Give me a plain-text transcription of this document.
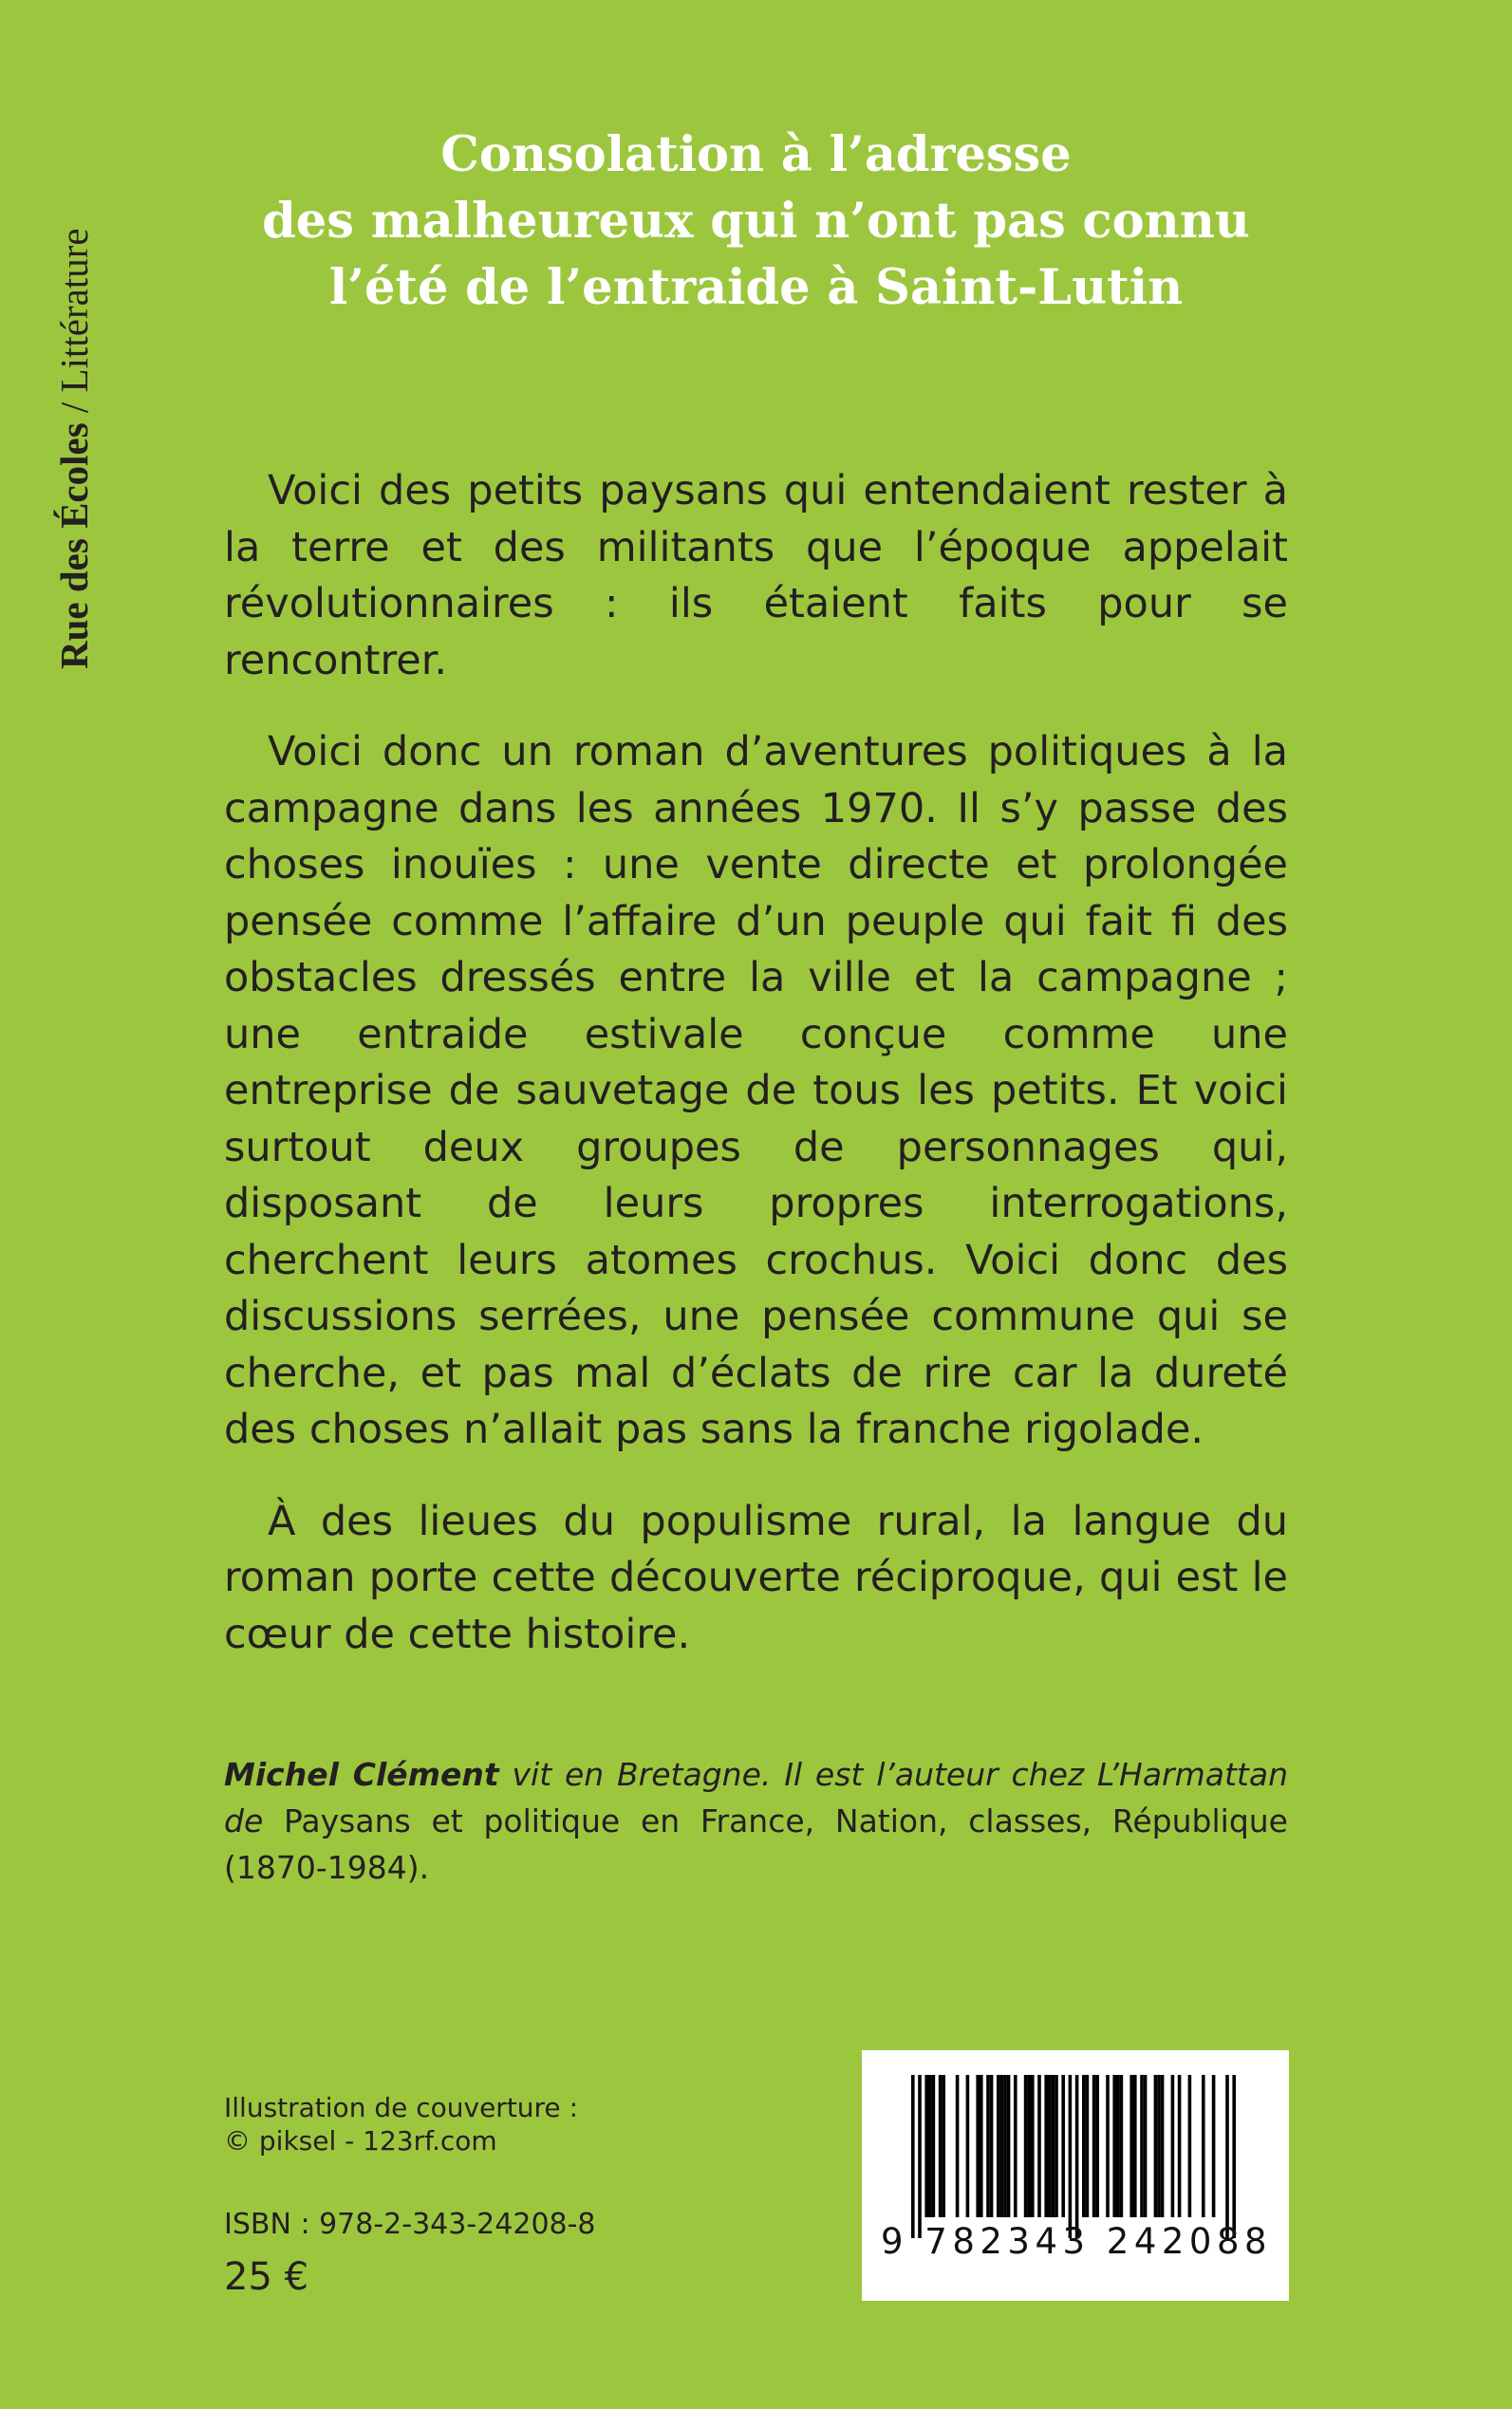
Rue des Écoles / Littérature
Consolation à l’adresse
des malheureux qui n’ont pas connu
l’été de l’entraide à Saint-Lutin

Voici des petits paysans qui entendaient rester à la terre et des militants que l’époque appelait révolutionnaires : ils étaient faits pour se rencontrer.

Voici donc un roman d’aventures politiques à la campagne dans les années 1970. Il s’y passe des choses inouïes : une vente directe et prolongée pensée comme l’affaire d’un peuple qui fait fi des obstacles dressés entre la ville et la campagne ; une entraide estivale conçue comme une entreprise de sauvetage de tous les petits. Et voici surtout deux groupes de personnages qui, disposant de leurs propres interrogations, cherchent leurs atomes crochus. Voici donc des discussions serrées, une pensée commune qui se cherche, et pas mal d’éclats de rire car la dureté des choses n’allait pas sans la franche rigolade.

À des lieues du populisme rural, la langue du roman porte cette découverte réciproque, qui est le cœur de cette histoire.

Michel Clément vit en Bretagne. Il est l’auteur chez L’Harmattan de Paysans et politique en France, Nation, classes, République (1870-1984).
Illustration de couverture :
© piksel - 123rf.com
ISBN : 978-2-343-24208-8
25 €
9 782343 242088
